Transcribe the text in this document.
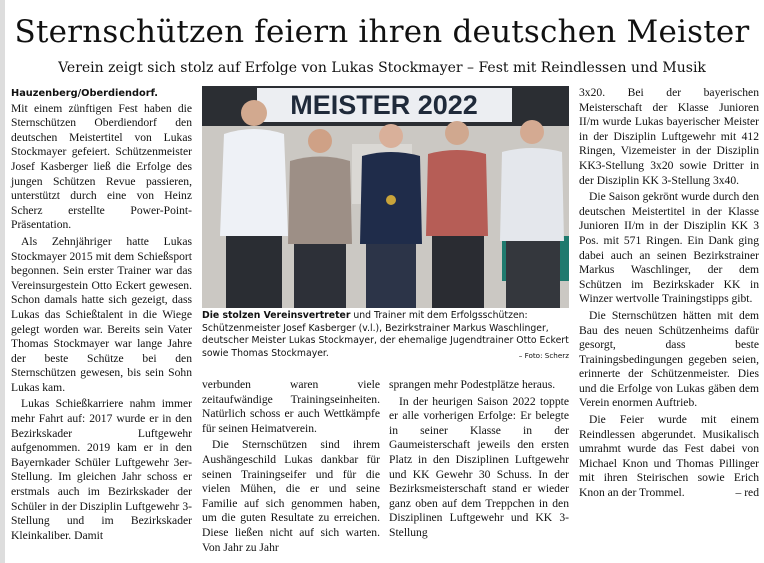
Sternschützen feiern ihren deutschen Meister
Verein zeigt sich stolz auf Erfolge von Lukas Stockmayer – Fest mit Reindlessen und Musik

Hauzenberg/Oberdiendorf.
Mit einem zünftigen Fest haben die Sternschützen Oberdiendorf den deutschen Meistertitel von Lukas Stockmayer gefeiert. Schützenmeister Josef Kasberger ließ die Erfolge des jungen Schützen Revue passieren, unterstützt durch eine von Heinz Scherz erstellte Power-Point-Präsentation.

Als Zehnjähriger hatte Lukas Stockmayer 2015 mit dem Schießsport begonnen. Sein erster Trainer war das Vereinsurgestein Otto Eckert gewesen. Schon damals hatte sich gezeigt, dass Lukas das Schießtalent in die Wiege gelegt worden war. Bereits sein Vater Thomas Stockmayer war lange Jahre der beste Schütze bei den Sternschützen gewesen, bis sein Sohn Lukas kam.

Lukas Schießkarriere nahm immer mehr Fahrt auf: 2017 wurde er in den Bezirkskader Luftgewehr aufgenommen. 2019 kam er in den Bayernkader Schüler Luftgewehr 3er-Stellung. Im gleichen Jahr schoss er erstmals auch im Bezirkskader der Schüler in der Disziplin Luftgewehr 3-Stellung und im Bezirkskader Kleinkaliber. Damit

MEISTER 2022
Die stolzen Vereinsvertreter und Trainer mit dem Erfolgsschützen: Schützenmeister Josef Kasberger (v.l.), Bezirkstrainer Markus Waschlinger, deutscher Meister Lukas Stockmayer, der ehemalige Jugendtrainer Otto Eckert sowie Thomas Stockmayer.	– Foto: Scherz

verbunden waren viele zeitaufwändige Trainingseinheiten. Natürlich schoss er auch Wettkämpfe für seinen Heimatverein.

Die Sternschützen sind ihrem Aushängeschild Lukas dankbar für seinen Trainingseifer und für die vielen Mühen, die er und seine Familie auf sich genommen haben, um die guten Resultate zu erreichen. Diese ließen nicht auf sich warten. Von Jahr zu Jahr

sprangen mehr Podestplätze heraus.

In der heurigen Saison 2022 toppte er alle vorherigen Erfolge: Er belegte in seiner Klasse in der Gaumeisterschaft jeweils den ersten Platz in den Disziplinen Luftgewehr und KK Gewehr 30 Schuss. In der Bezirksmeisterschaft stand er wieder ganz oben auf dem Treppchen in den Disziplinen Luftgewehr und KK 3-Stellung

3x20. Bei der bayerischen Meisterschaft der Klasse Junioren II/m wurde Lukas bayerischer Meister in der Disziplin Luftgewehr mit 412 Ringen, Vizemeister in der Disziplin KK3-Stellung 3x20 sowie Dritter in der Disziplin KK 3-Stellung 3x40.

Die Saison gekrönt wurde durch den deutschen Meistertitel in der Klasse Junioren II/m in der Disziplin KK 3 Pos. mit 571 Ringen. Ein Dank ging dabei auch an seinen Bezirkstrainer Markus Waschlinger, der dem Schützen im Bezirkskader KK in Winzer wertvolle Trainingstipps gibt.

Die Sternschützen hätten mit dem Bau des neuen Schützenheims dafür gesorgt, dass beste Trainingsbedingungen gegeben seien, erinnerte der Schützenmeister. Dies und die Erfolge von Lukas gäben dem Verein enormen Auftrieb.

Die Feier wurde mit einem Reindlessen abgerundet. Musikalisch umrahmt wurde das Fest dabei von Michael Knon und Thomas Pillinger mit ihren Steirischen sowie Erich Knon an der Trommel.	– red
